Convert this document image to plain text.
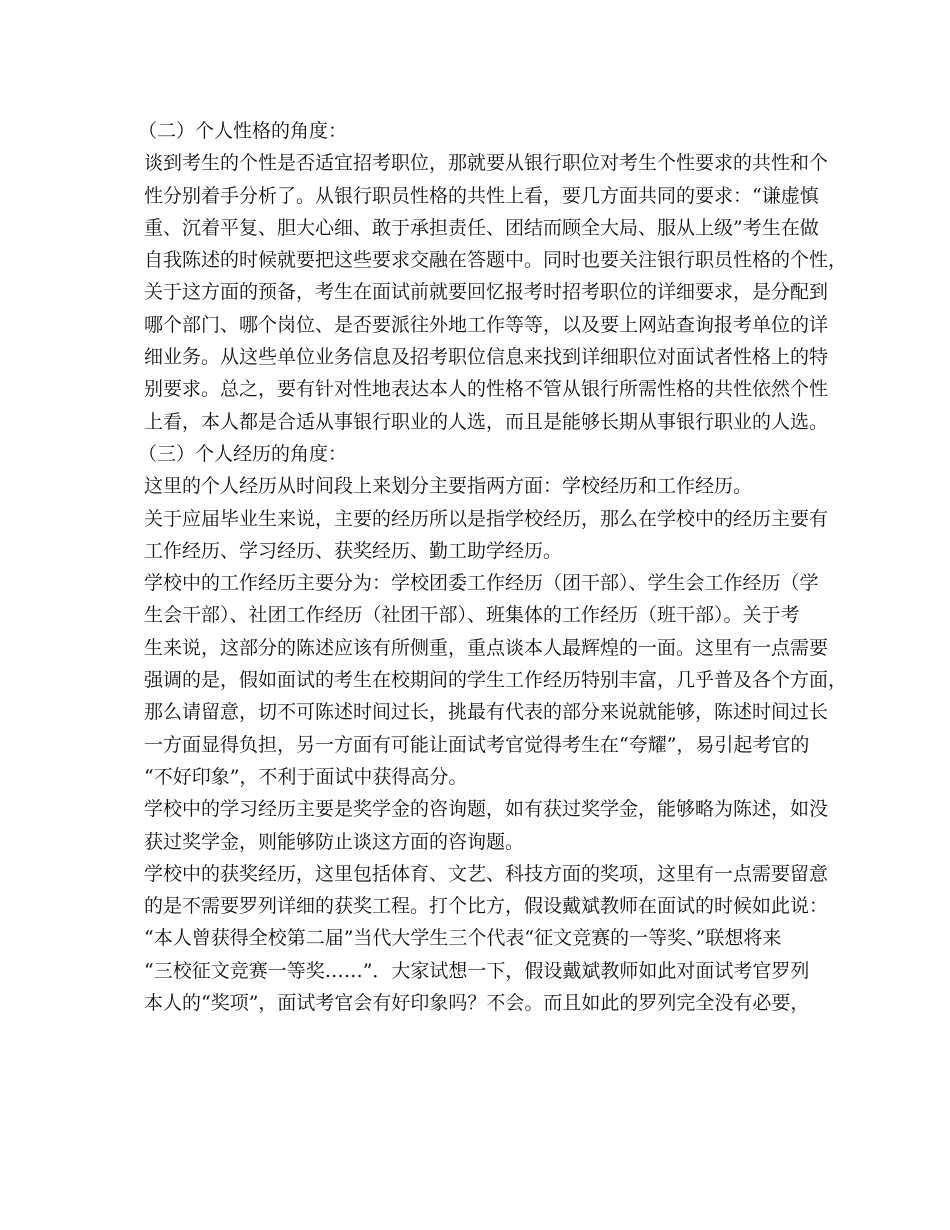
（二）个人性格的角度：
谈到考生的个性是否适宜招考职位，那就要从银行职位对考生个性要求的共性和个
性分别着手分析了。从银行职员性格的共性上看，要几方面共同的要求：“谦虚慎
重、沉着平复、胆大心细、敢于承担责任、团结而顾全大局、服从上级”考生在做
自我陈述的时候就要把这些要求交融在答题中。同时也要关注银行职员性格的个性，
关于这方面的预备，考生在面试前就要回忆报考时招考职位的详细要求，是分配到
哪个部门、哪个岗位、是否要派往外地工作等等，以及要上网站查询报考单位的详
细业务。从这些单位业务信息及招考职位信息来找到详细职位对面试者性格上的特
别要求。总之，要有针对性地表达本人的性格不管从银行所需性格的共性依然个性
上看，本人都是合适从事银行职业的人选，而且是能够长期从事银行职业的人选。
（三）个人经历的角度：
这里的个人经历从时间段上来划分主要指两方面：学校经历和工作经历。
关于应届毕业生来说，主要的经历所以是指学校经历，那么在学校中的经历主要有
工作经历、学习经历、获奖经历、勤工助学经历。
学校中的工作经历主要分为：学校团委工作经历（团干部）、学生会工作经历（学
生会干部）、社团工作经历（社团干部）、班集体的工作经历（班干部）。关于考
生来说，这部分的陈述应该有所侧重，重点谈本人最辉煌的一面。这里有一点需要
强调的是，假如面试的考生在校期间的学生工作经历特别丰富，几乎普及各个方面，
那么请留意，切不可陈述时间过长，挑最有代表的部分来说就能够，陈述时间过长
一方面显得负担，另一方面有可能让面试考官觉得考生在“夸耀”，易引起考官的
“不好印象”，不利于面试中获得高分。
学校中的学习经历主要是奖学金的咨询题，如有获过奖学金，能够略为陈述，如没
获过奖学金，则能够防止谈这方面的咨询题。
学校中的获奖经历，这里包括体育、文艺、科技方面的奖项，这里有一点需要留意
的是不需要罗列详细的获奖工程。打个比方，假设戴斌教师在面试的时候如此说：
“本人曾获得全校第二届”当代大学生三个代表“征文竞赛的一等奖、”联想将来
“三校征文竞赛一等奖……”．大家试想一下，假设戴斌教师如此对面试考官罗列
本人的“奖项”，面试考官会有好印象吗？不会。而且如此的罗列完全没有必要，
